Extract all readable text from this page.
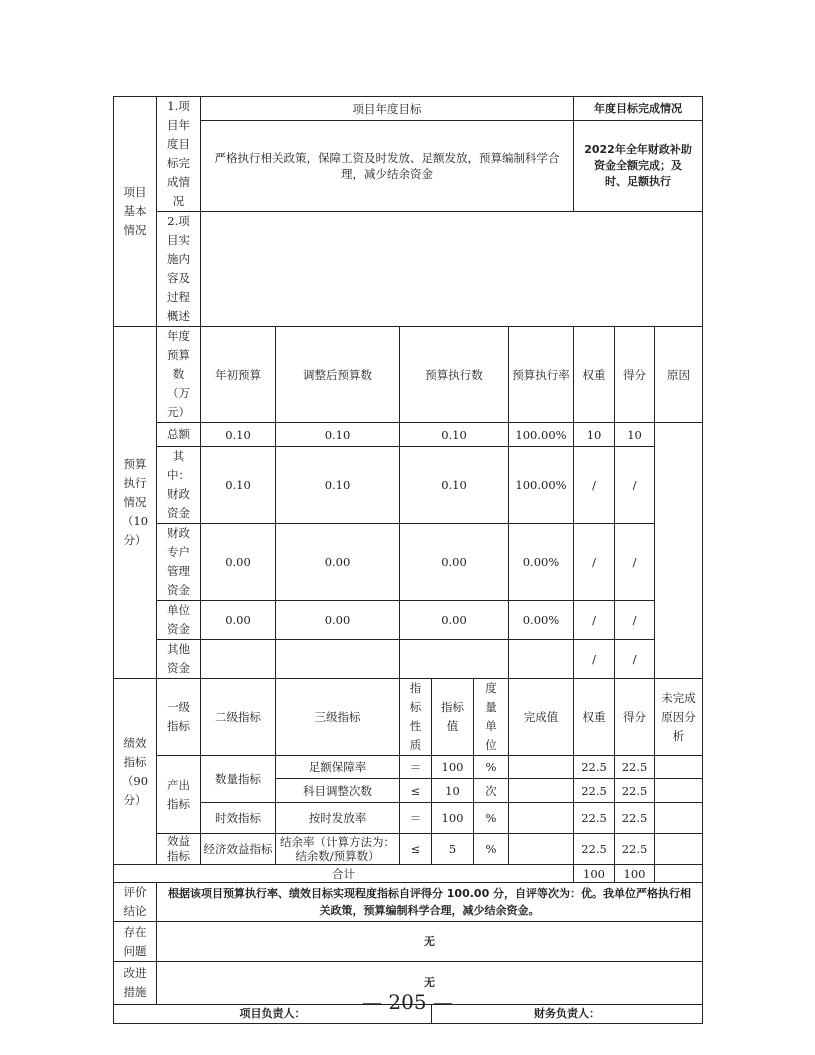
项目基本情况	1.项目年度目标完成情况	项目年度目标						年度目标完成情况		
		严格执行相关政策，保障工资及时发放、足额发放，预算编制科学合理，减少结余资金						2022年全年财政补助资金全额完成；及时、足额执行		
	2.项目实施内容及过程概述									
预算执行情况（10分）	年度预算数（万元）	年初预算	调整后预算数	预算执行数			预算执行率	权重	得分	原因
	总额	0.10	0.10	0.10			100.00%	10	10	
	其中：财政资金	0.10	0.10	0.10			100.00%	/	/	
	财政专户管理资金	0.00	0.00	0.00			0.00%	/	/	
	单位资金	0.00	0.00	0.00			0.00%	/	/	
	其他资金							/	/	
绩效指标（90分）	一级指标	二级指标	三级指标	指标性质	指标值	度量单位	完成值	权重	得分	未完成原因分析
	产出指标	数量指标	足额保障率	＝	100	%		22.5	22.5	
			科目调整次数	≤	10	次		22.5	22.5	
		时效指标	按时发放率	＝	100	%		22.5	22.5	
	效益指标	经济效益指标	结余率（计算方法为：结余数/预算数）	≤	5	%		22.5	22.5	
合计								100	100	
评价结论	根据该项目预算执行率、绩效目标实现程度指标自评得分 100.00 分，自评等次为：优。我单位严格执行相关政策，预算编制科学合理，减少结余资金。									
存在问题	无									
改进措施	无									
项目负责人：					财务负责人：					
— 205 —
